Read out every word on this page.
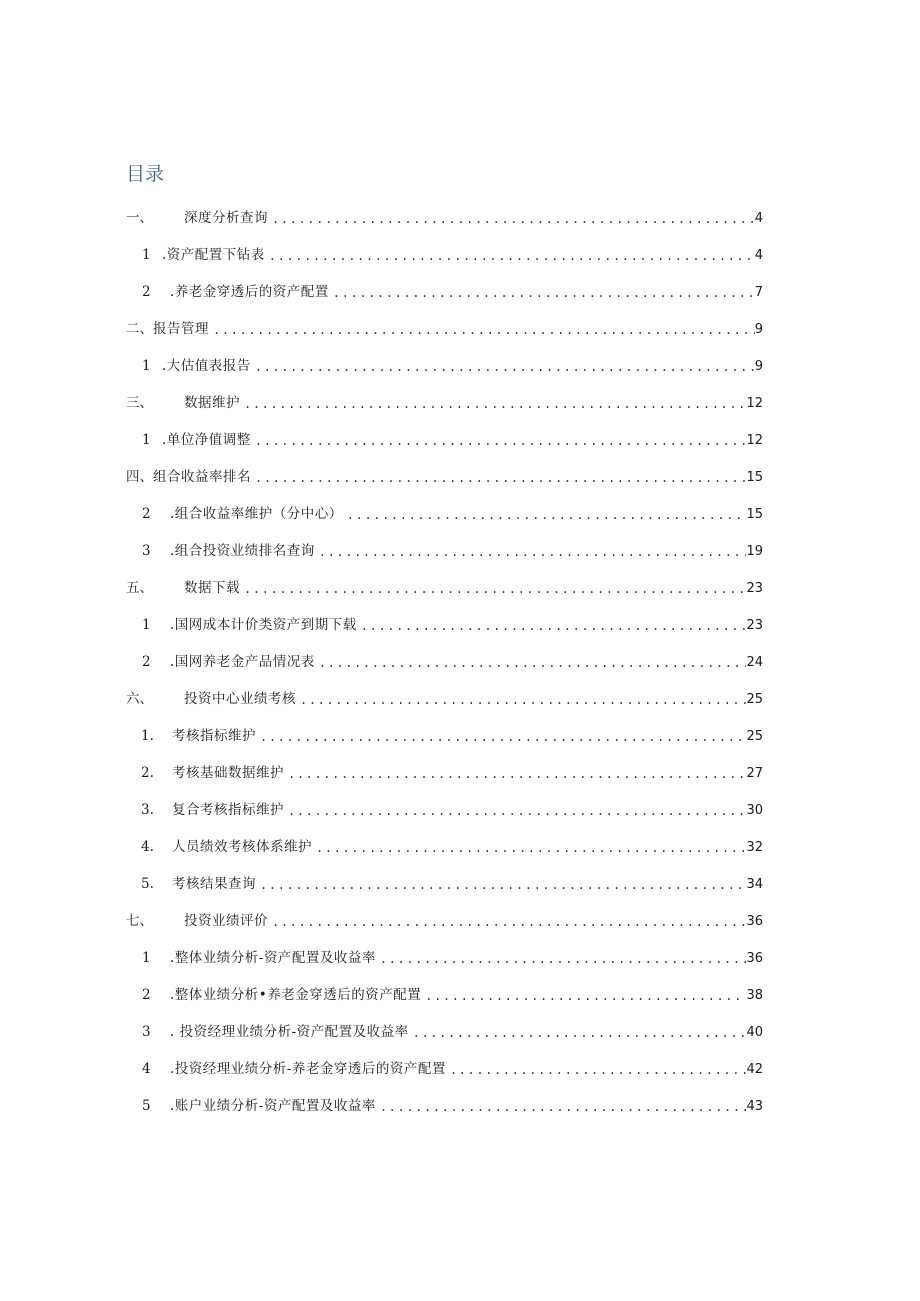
目录
一、	深度分析查询 .....	4
1 .资产配置下钻表 .....	4
2	.养老金穿透后的资产配置 .....	7
二、 报告管理 .....	9
1 .大估值表报告 .....	9
三、	数据维护 .....	12
1 .单位净值调整 .....	12
四、 组合收益率排名 .....	15
2	.组合收益率维护（分中心） .....	15
3	.组合投资业绩排名查询 .....	19
五、	数据下载 .....	23
1	.国网成本计价类资产到期下载 .....	23
2	.国网养老金产品情况表 .....	24
六、	投资中心业绩考核 .....	25
1.	考核指标维护 .....	25
2.	考核基础数据维护 .....	27
3.	复合考核指标维护 .....	30
4.	人员绩效考核体系维护 .....	32
5.	考核结果查询 .....	34
七、	投资业绩评价 .....	36
1	.整体业绩分析-资产配置及收益率 .....	36
2	.整体业绩分析•养老金穿透后的资产配置 .....	38
3	. 投资经理业绩分析-资产配置及收益率 .....	40
4	.投资经理业绩分析-养老金穿透后的资产配置 .....	42
5	.账户业绩分析-资产配置及收益率 .....	43
